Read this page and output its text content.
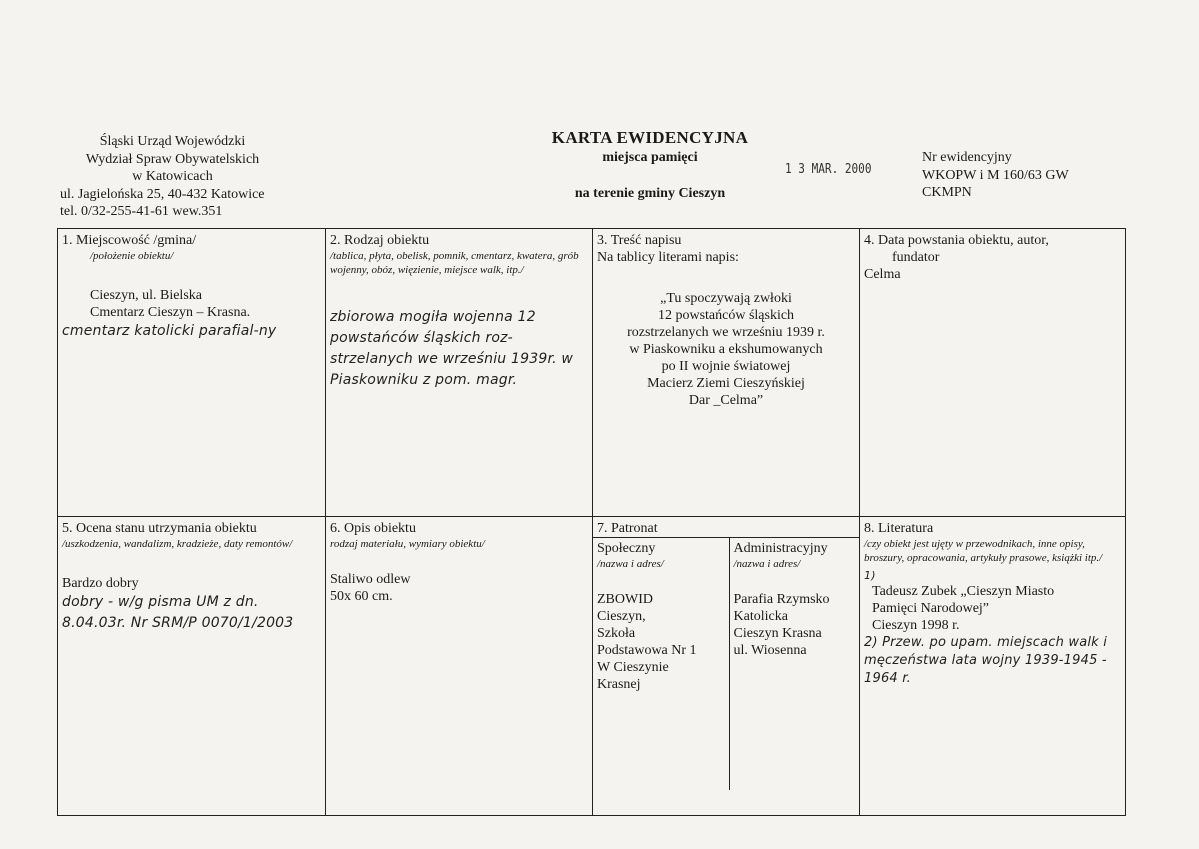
Śląski Urząd Wojewódzki
Wydział Spraw Obywatelskich
w Katowicach
ul. Jagielońska 25, 40-432 Katowice
tel. 0/32-255-41-61 wew.351
KARTA EWIDENCYJNA
miejsca pamięci
na terenie gminy Cieszyn
1 3 MAR. 2000
Nr ewidencyjny
WKOPW i M 160/63 GW
CKMPN
1. Miejscowość /gmina/
/położenie obiektu/
Cieszyn, ul. Bielska
Cmentarz Cieszyn – Krasna.
cmentarz katolicki parafial-ny

2. Rodzaj obiektu
/tablica, płyta, obelisk, pomnik, cmentarz, kwatera, grób wojenny, obóz, więzienie, miejsce walk, itp./
zbiorowa mogiła wojenna 12 powstańców śląskich roz-strzelanych we wrześniu 1939r. w Piaskowniku z pom. magr.

3. Treść napisu
Na tablicy literami napis:
„Tu spoczywają zwłoki
12 powstańców śląskich
rozstrzelanych we wrześniu 1939 r.
w Piaskowniku a ekshumowanych
po II wojnie światowej
Macierz Ziemi Cieszyńskiej
Dar _Celma”

4. Data powstania obiektu, autor,
fundator
Celma

5. Ocena stanu utrzymania obiektu
/uszkodzenia, wandalizm, kradzieże, daty remontów/
Bardzo dobry
dobry - w/g pisma UM z dn. 8.04.03r. Nr SRM/P 0070/1/2003

6. Opis obiektu
rodzaj materiału, wymiary obiektu/
Staliwo odlew
50x 60 cm.

7. Patronat
Społeczny
/nazwa i adres/
ZBOWID
Cieszyn,
Szkoła
Podstawowa Nr 1
W Cieszynie
Krasnej

Administracyjny
/nazwa i adres/
Parafia Rzymsko
Katolicka
Cieszyn Krasna
ul. Wiosenna

8. Literatura
/czy obiekt jest ujęty w przewodnikach, inne opisy, broszury, opracowania, artykuły prasowe, książki itp./
1)
Tadeusz Zubek „Cieszyn Miasto
Pamięci Narodowej”
Cieszyn 1998 r.
2) Przew. po upam. miejscach walk i męczeństwa lata wojny 1939-1945 - 1964 r.
